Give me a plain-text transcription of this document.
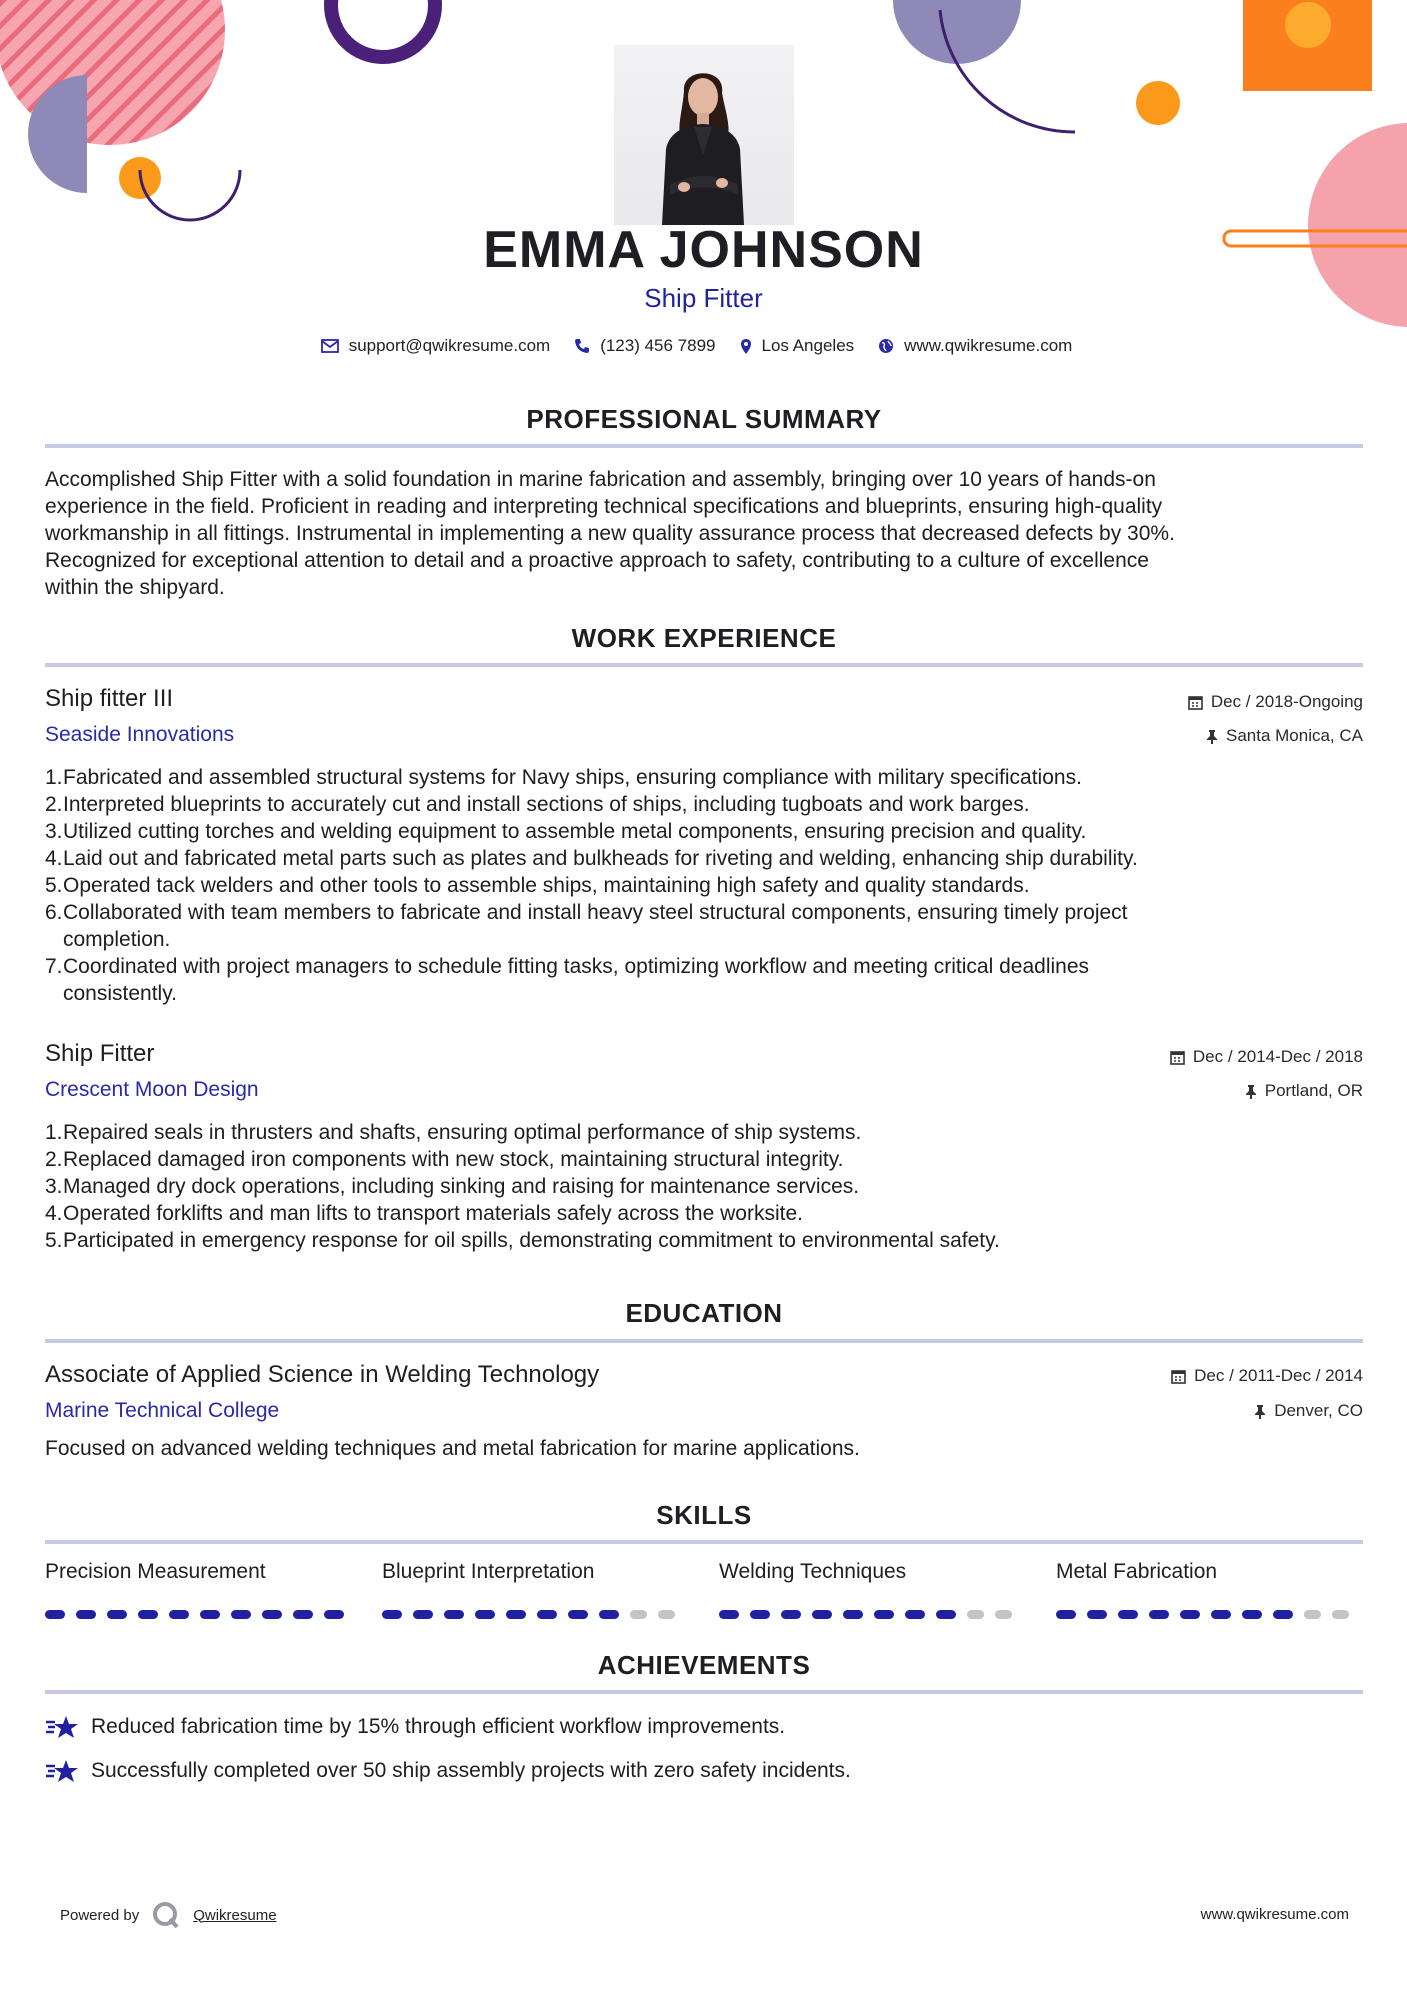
EMMA JOHNSON
Ship Fitter
support@qwikresume.com	(123) 456 7899	Los Angeles	www.qwikresume.com
PROFESSIONAL SUMMARY
Accomplished Ship Fitter with a solid foundation in marine fabrication and assembly, bringing over 10 years of hands-on
experience in the field. Proficient in reading and interpreting technical specifications and blueprints, ensuring high-quality
workmanship in all fittings. Instrumental in implementing a new quality assurance process that decreased defects by 30%.
Recognized for exceptional attention to detail and a proactive approach to safety, contributing to a culture of excellence
within the shipyard.
WORK EXPERIENCE
Ship fitter III
Seaside Innovations
Dec / 2018-Ongoing
Santa Monica, CA
1. Fabricated and assembled structural systems for Navy ships, ensuring compliance with military specifications.
2. Interpreted blueprints to accurately cut and install sections of ships, including tugboats and work barges.
3. Utilized cutting torches and welding equipment to assemble metal components, ensuring precision and quality.
4. Laid out and fabricated metal parts such as plates and bulkheads for riveting and welding, enhancing ship durability.
5. Operated tack welders and other tools to assemble ships, maintaining high safety and quality standards.
6. Collaborated with team members to fabricate and install heavy steel structural components, ensuring timely project
completion.
7. Coordinated with project managers to schedule fitting tasks, optimizing workflow and meeting critical deadlines
consistently.
Ship Fitter
Crescent Moon Design
Dec / 2014-Dec / 2018
Portland, OR
1. Repaired seals in thrusters and shafts, ensuring optimal performance of ship systems.
2. Replaced damaged iron components with new stock, maintaining structural integrity.
3. Managed dry dock operations, including sinking and raising for maintenance services.
4. Operated forklifts and man lifts to transport materials safely across the worksite.
5. Participated in emergency response for oil spills, demonstrating commitment to environmental safety.
EDUCATION
Associate of Applied Science in Welding Technology
Marine Technical College
Dec / 2011-Dec / 2014
Denver, CO
Focused on advanced welding techniques and metal fabrication for marine applications.
SKILLS
Precision Measurement	Blueprint Interpretation	Welding Techniques	Metal Fabrication
ACHIEVEMENTS
Reduced fabrication time by 15% through efficient workflow improvements.
Successfully completed over 50 ship assembly projects with zero safety incidents.
Powered by	Qwikresume	www.qwikresume.com
